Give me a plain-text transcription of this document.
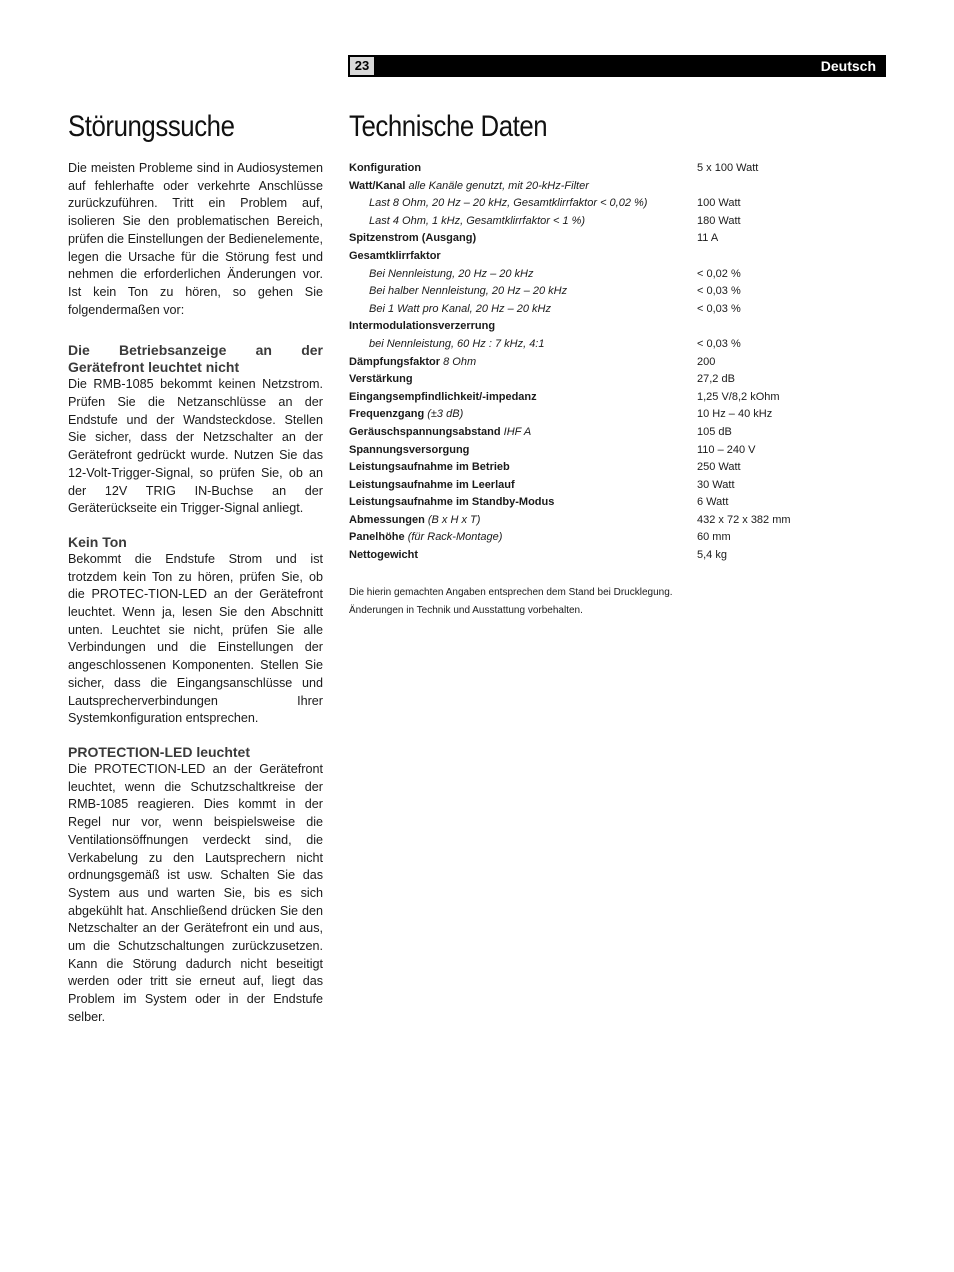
23	Deutsch
Störungssuche	Technische Daten

Die meisten Probleme sind in Audiosystemen auf fehlerhafte oder verkehrte Anschlüsse zurückzuführen. Tritt ein Problem auf, isolieren Sie den problematischen Bereich, prüfen die Einstellungen der Bedienelemente, legen die Ursache für die Störung fest und nehmen die erforderlichen Änderungen vor. Ist kein Ton zu hören, so gehen Sie folgendermaßen vor:

Die Betriebsanzeige an der Gerätefront leuchtet nicht

Die RMB-1085 bekommt keinen Netzstrom. Prüfen Sie die Netzanschlüsse an der Endstufe und der Wandsteckdose. Stellen Sie sicher, dass der Netzschalter an der Gerätefront gedrückt wurde. Nutzen Sie das 12-Volt-Trigger-Signal, so prüfen Sie, ob an der 12V TRIG IN-Buchse an der Geräterückseite ein Trigger-Signal anliegt.

Kein Ton

Bekommt die Endstufe Strom und ist trotzdem kein Ton zu hören, prüfen Sie, ob die PROTEC-TION-LED an der Gerätefront leuchtet. Wenn ja, lesen Sie den Abschnitt unten. Leuchtet sie nicht, prüfen Sie alle Verbindungen und die Einstellungen der angeschlossenen Komponenten. Stellen Sie sicher, dass die Eingangsanschlüsse und Lautsprecherverbindungen Ihrer Systemkonfiguration entsprechen.

PROTECTION-LED leuchtet

Die PROTECTION-LED an der Gerätefront leuchtet, wenn die Schutzschaltkreise der RMB-1085 reagieren. Dies kommt in der Regel nur vor, wenn beispielsweise die Ventilationsöffnungen verdeckt sind, die Verkabelung zu den Lautsprechern nicht ordnungsgemäß ist usw. Schalten Sie das System aus und warten Sie, bis es sich abgekühlt hat. Anschließend drücken Sie den Netzschalter an der Gerätefront ein und aus, um die Schutzschaltungen zurückzusetzen. Kann die Störung dadurch nicht beseitigt werden oder tritt sie erneut auf, liegt das Problem im System oder in der Endstufe selber.

Konfiguration	5 x 100 Watt
Watt/Kanal alle Kanäle genutzt, mit 20-kHz-Filter
Last 8 Ohm, 20 Hz – 20 kHz, Gesamtklirrfaktor < 0,02 %)	100 Watt
Last 4 Ohm, 1 kHz, Gesamtklirrfaktor < 1 %)	180 Watt
Spitzenstrom (Ausgang)	11 A
Gesamtklirrfaktor
Bei Nennleistung, 20 Hz – 20 kHz	< 0,02 %
Bei halber Nennleistung, 20 Hz – 20 kHz	< 0,03 %
Bei 1 Watt pro Kanal, 20 Hz – 20 kHz	< 0,03 %
Intermodulationsverzerrung
bei Nennleistung, 60 Hz : 7 kHz, 4:1	< 0,03 %
Dämpfungsfaktor 8 Ohm	200
Verstärkung	27,2 dB
Eingangsempfindlichkeit/-impedanz	1,25 V/8,2 kOhm
Frequenzgang (±3 dB)	10 Hz – 40 kHz
Geräuschspannungsabstand IHF A	105 dB
Spannungsversorgung	110 – 240 V
Leistungsaufnahme im Betrieb	250 Watt
Leistungsaufnahme im Leerlauf	30 Watt
Leistungsaufnahme im Standby-Modus	6 Watt
Abmessungen (B x H x T)	432 x 72 x 382 mm
Panelhöhe (für Rack-Montage)	60 mm
Nettogewicht	5,4 kg

Die hierin gemachten Angaben entsprechen dem Stand bei Drucklegung.

Änderungen in Technik und Ausstattung vorbehalten.
